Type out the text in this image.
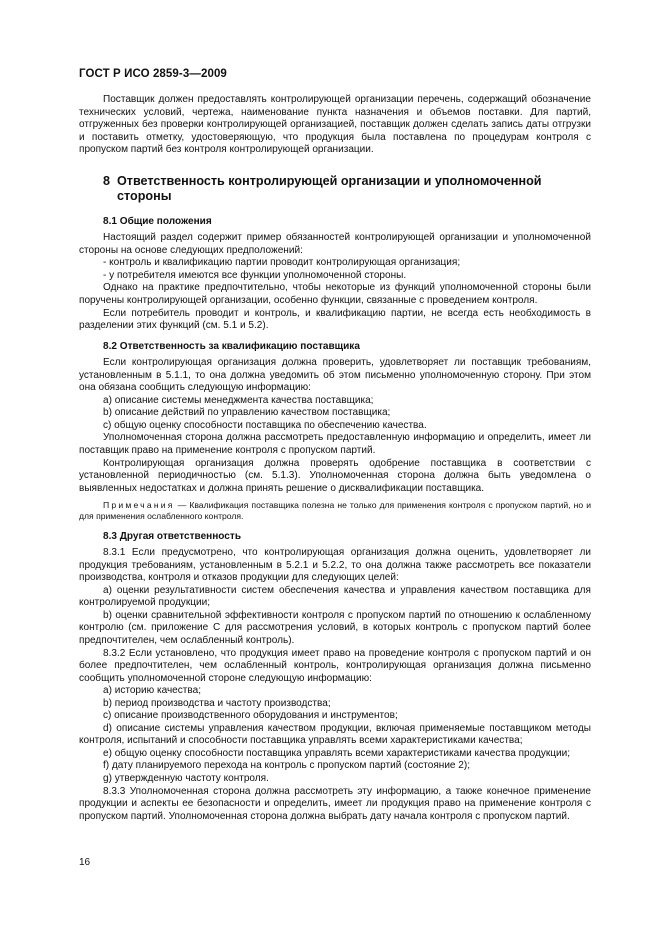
ГОСТ Р ИСО 2859-3—2009

Поставщик должен предоставлять контролирующей организации перечень, содержащий обозначение технических условий, чертежа, наименование пункта назначения и объемов поставки. Для партий, отгруженных без проверки контролирующей организацией, поставщик должен сделать запись даты отгрузки и поставить отметку, удостоверяющую, что продукция была поставлена по процедурам контроля с пропуском партий без контроля контролирующей организации.

8 Ответственность контролирующей организации и уполномоченной стороны
8.1 Общие положения

Настоящий раздел содержит пример обязанностей контролирующей организации и уполномоченной стороны на основе следующих предположений:

- контроль и квалификацию партии проводит контролирующая организация;

- у потребителя имеются все функции уполномоченной стороны.

Однако на практике предпочтительно, чтобы некоторые из функций уполномоченной стороны были поручены контролирующей организации, особенно функции, связанные с проведением контроля.

Если потребитель проводит и контроль, и квалификацию партии, не всегда есть необходимость в разделении этих функций (см. 5.1 и 5.2).

8.2 Ответственность за квалификацию поставщика

Если контролирующая организация должна проверить, удовлетворяет ли поставщик требованиям, установленным в 5.1.1, то она должна уведомить об этом письменно уполномоченную сторону. При этом она обязана сообщить следующую информацию:

a) описание системы менеджмента качества поставщика;

b) описание действий по управлению качеством поставщика;

c) общую оценку способности поставщика по обеспечению качества.

Уполномоченная сторона должна рассмотреть предоставленную информацию и определить, имеет ли поставщик право на применение контроля с пропуском партий.

Контролирующая организация должна проверять одобрение поставщика в соответствии с установленной периодичностью (см. 5.1.3). Уполномоченная сторона должна быть уведомлена о выявленных недостатках и должна принять решение о дисквалификации поставщика.

Примечания — Квалификация поставщика полезна не только для применения контроля с пропуском партий, но и для применения ослабленного контроля.

8.3 Другая ответственность

8.3.1 Если предусмотрено, что контролирующая организация должна оценить, удовлетворяет ли продукция требованиям, установленным в 5.2.1 и 5.2.2, то она должна также рассмотреть все показатели производства, контроля и отказов продукции для следующих целей:

a) оценки результативности систем обеспечения качества и управления качеством поставщика для контролируемой продукции;

b) оценки сравнительной эффективности контроля с пропуском партий по отношению к ослабленному контролю (см. приложение С для рассмотрения условий, в которых контроль с пропуском партий более предпочтителен, чем ослабленный контроль).

8.3.2 Если установлено, что продукция имеет право на проведение контроля с пропуском партий и он более предпочтителен, чем ослабленный контроль, контролирующая организация должна письменно сообщить уполномоченной стороне следующую информацию:

a) историю качества;

b) период производства и частоту производства;

c) описание производственного оборудования и инструментов;

d) описание системы управления качеством продукции, включая применяемые поставщиком методы контроля, испытаний и способности поставщика управлять всеми характеристиками качества;

e) общую оценку способности поставщика управлять всеми характеристиками качества продукции;

f) дату планируемого перехода на контроль с пропуском партий (состояние 2);

g) утвержденную частоту контроля.

8.3.3 Уполномоченная сторона должна рассмотреть эту информацию, а также конечное применение продукции и аспекты ее безопасности и определить, имеет ли продукция право на применение контроля с пропуском партий. Уполномоченная сторона должна выбрать дату начала контроля с пропуском партий.

16
